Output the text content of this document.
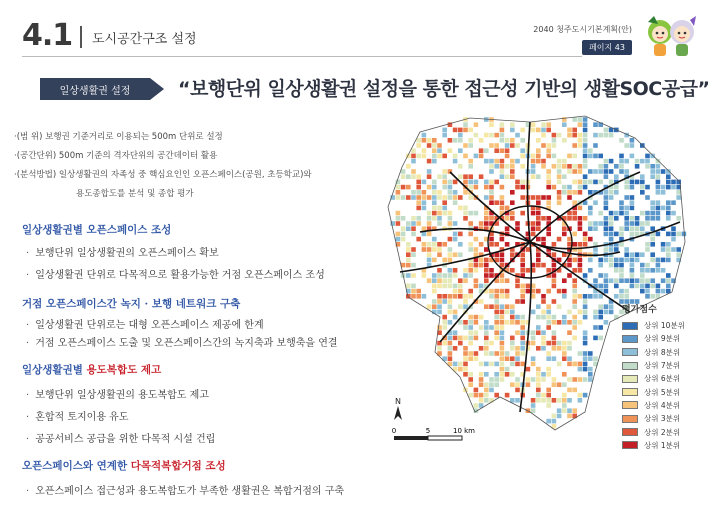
4.1 도시공간구조 설정
2040 청주도시기본계획(안)
페이지 43
일상생활권 설정	“보행단위 일상생활권 설정을 통한 접근성 기반의 생활SOC공급”
·(범 위) 보행권 기준거리로 이용되는 500m 단위로 설정
·(공간단위) 500m 기준의 격자단위의 공간데이터 활용
·(분석방법) 일상생활권의 자족성 중 핵심요인인 오픈스페이스(공원, 초등학교)와
용도종합도를 분석 및 종합 평가
일상생활권별 오픈스페이스 조성
· 보행단위 일상생활권의 오픈스페이스 확보
· 일상생활권 단위로 다목적으로 활용가능한 거점 오픈스페이스 조성
거점 오픈스페이스간 녹지 · 보행 네트워크 구축
· 일상생활권 단위로는 대형 오픈스페이스 제공에 한계
· 거점 오픈스페이스 도출 및 오픈스페이스간의 녹지축과 보행축을 연결
일상생활권별 용도복합도 제고
· 보행단위 일상생활권의 용도복합도 제고
· 혼합적 토지이용 유도
· 공공서비스 공급을 위한 다목적 시설 건립
오픈스페이스와 연계한 다목적복합거점 조성
· 오픈스페이스 접근성과 용도복합도가 부족한 생활권은 복합거점의 구축
N
0	5	10 km
평가점수
상위 10분위
상위 9분위
상위 8분위
상위 7분위
상위 6분위
상위 5분위
상위 4분위
상위 3분위
상위 2분위
상위 1분위
